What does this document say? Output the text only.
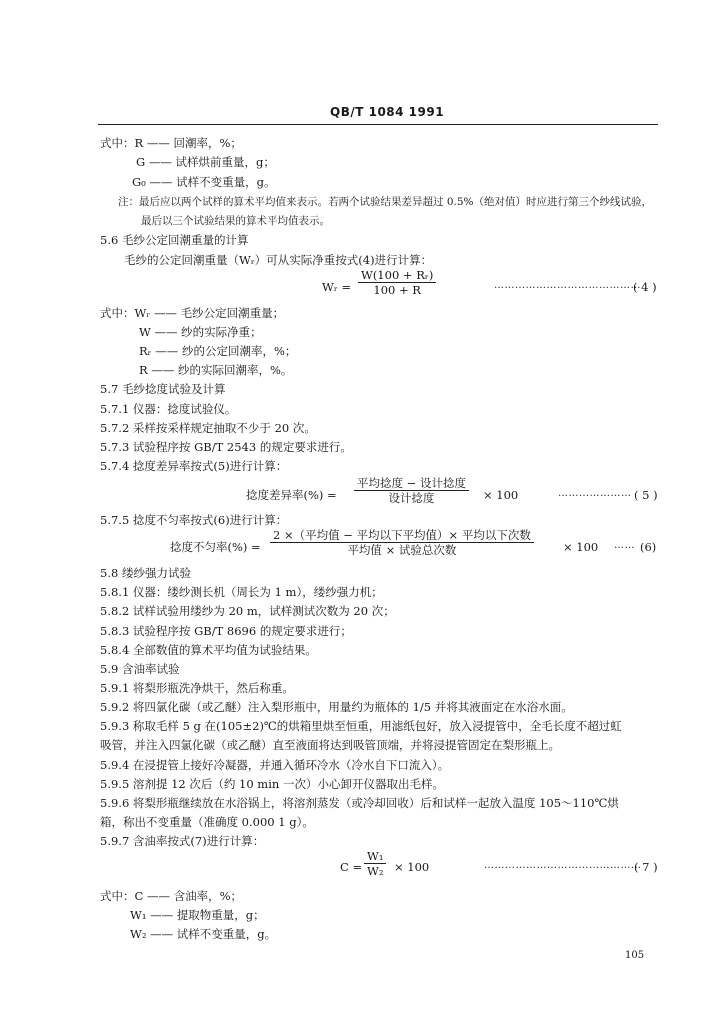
QB/T 1084 1991
式中：R —— 回潮率，%；
G —— 试样烘前重量，g；
G₀ —— 试样不变重量，g。
注：最后应以两个试样的算术平均值来表示。若两个试验结果差异超过 0.5%（绝对值）时应进行第三个纱线试验，
最后以三个试验结果的算术平均值表示。
5.6 毛纱公定回潮重量的计算
毛纱的公定回潮重量（Wᵣ）可从实际净重按式(4)进行计算：
Wᵣ = $\frac{\text{W(100 + Rᵣ)}}{100 + R}$	……………………………………
( 4 )
式中：Wᵣ —— 毛纱公定回潮重量；
W —— 纱的实际净重；
Rᵣ —— 纱的公定回潮率，%；
R —— 纱的实际回潮率，%。
5.7 毛纱捻度试验及计算
5.7.1 仪器：捻度试验仪。
5.7.2 采样按采样规定抽取不少于 20 次。
5.7.3 试验程序按 GB/T 2543 的规定要求进行。
5.7.4 捻度差异率按式(5)进行计算：
捻度差异率(%) =
平均捻度 − 设计捻度
设计捻度	× 100	………………… ( 5 )
5.7.5 捻度不匀率按式(6)进行计算：
捻度不匀率(%) =
2 ×（平均值 − 平均以下平均值）× 平均以下次数
平均值 × 试验总次数	× 100 …… (6)
5.8 缕纱强力试验
5.8.1 仪器：缕纱测长机（周长为 1 m），缕纱强力机；
5.8.2 试样试验用缕纱为 20 m，试样测试次数为 20 次；
5.8.3 试验程序按 GB/T 8696 的规定要求进行；
5.8.4 全部数值的算术平均值为试验结果。
5.9 含油率试验
5.9.1 将梨形瓶洗净烘干，然后称重。
5.9.2 将四氯化碳（或乙醚）注入梨形瓶中，用量约为瓶体的 1/5 并将其液面定在水浴水面。
5.9.3 称取毛样 5 g 在(105±2)℃的烘箱里烘至恒重，用滤纸包好，放入浸提管中，全毛长度不超过虹
吸管，并注入四氯化碳（或乙醚）直至液面将达到吸管顶端，并将浸提管固定在梨形瓶上。
5.9.4 在浸提管上接好冷凝器，并通入循环冷水（冷水自下口流入）。
5.9.5 溶剂提 12 次后（约 10 min 一次）小心卸开仪器取出毛样。
5.9.6 将梨形瓶继续放在水浴锅上，将溶剂蒸发（或冷却回收）后和试样一起放入温度 105～110℃烘
箱，称出不变重量（准确度 0.000 1 g）。
5.9.7 含油率按式(7)进行计算：
$C = \frac{\text{W₁}}{\text{W₂}} \times 100$	………………………………………
( 7 )
式中：C —— 含油率，%；
W₁ —— 提取物重量，g；
W₂ —— 试样不变重量，g。
105
